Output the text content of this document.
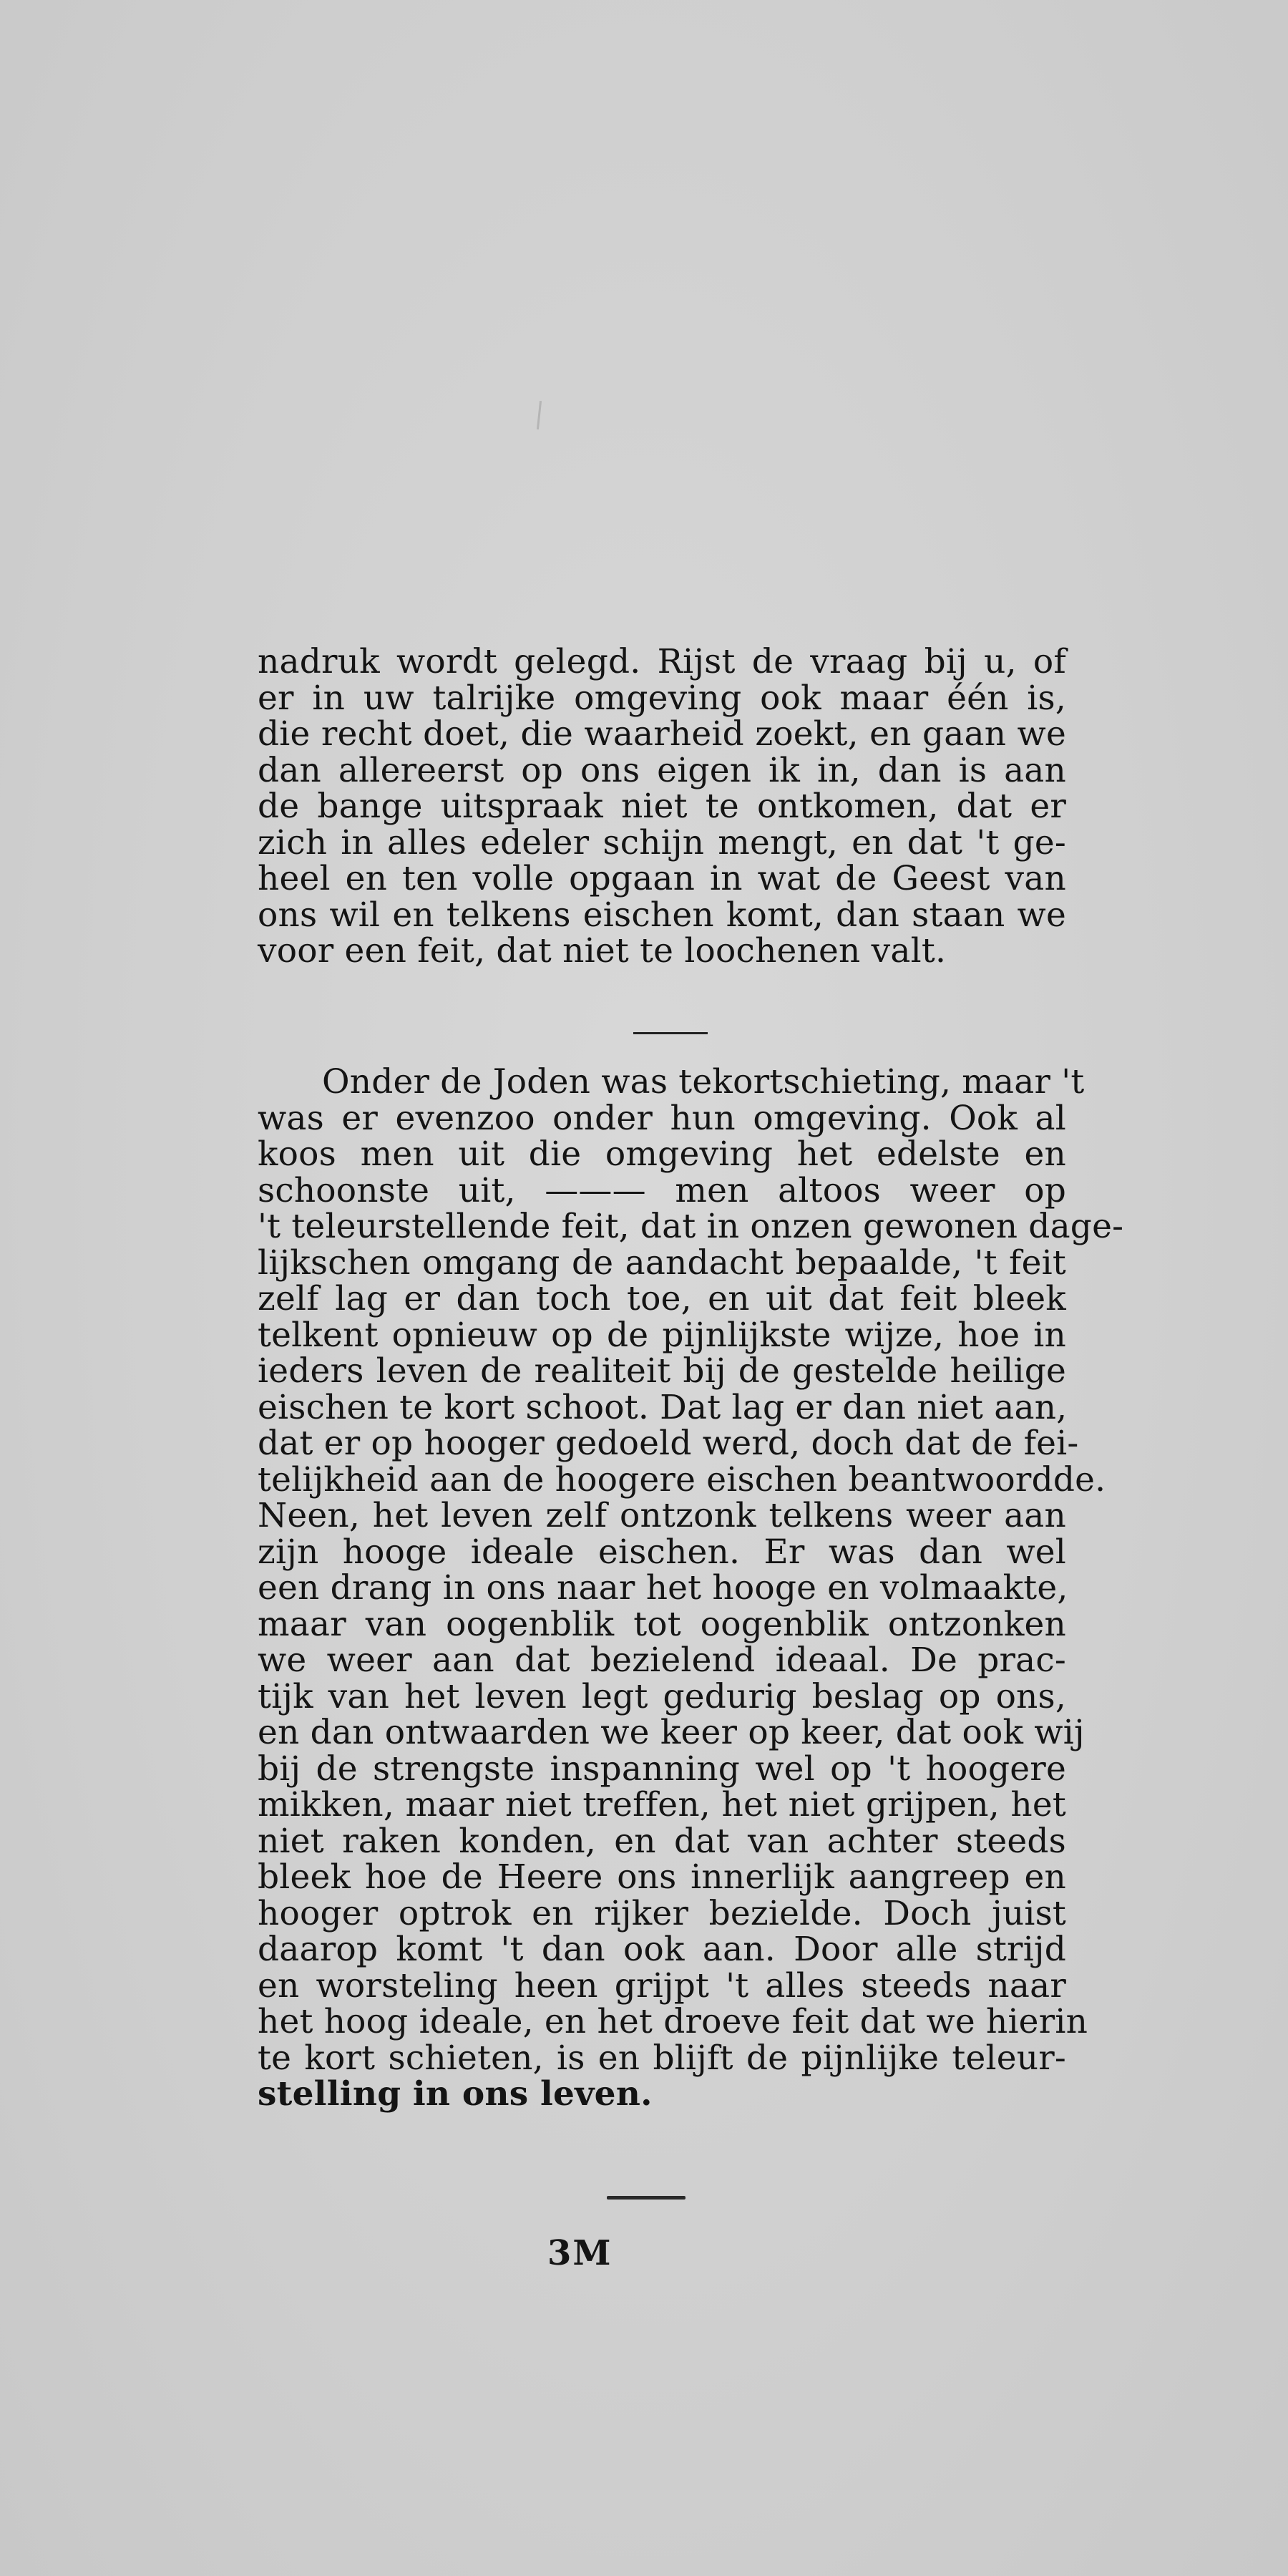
nadruk wordt gelegd. Rijst de vraag bij u, of
er in uw talrijke omgeving ook maar één is,
die recht doet, die waarheid zoekt, en gaan we
dan allereerst op ons eigen ik in, dan is aan
de bange uitspraak niet te ontkomen, dat er
zich in alles edeler schijn mengt, en dat 't ge-
heel en ten volle opgaan in wat de Geest van
ons wil en telkens eischen komt, dan staan we
voor een feit, dat niet te loochenen valt.
Onder de Joden was tekortschieting, maar 't
was er evenzoo onder hun omgeving. Ook al
koos men uit die omgeving het edelste en
schoonste uit, ——— men altoos weer op
't teleurstellende feit, dat in onzen gewonen dage-
lijkschen omgang de aandacht bepaalde, 't feit
zelf lag er dan toch toe, en uit dat feit bleek
telkent opnieuw op de pijnlijkste wijze, hoe in
ieders leven de realiteit bij de gestelde heilige
eischen te kort schoot. Dat lag er dan niet aan,
dat er op hooger gedoeld werd, doch dat de fei-
telijkheid aan de hoogere eischen beantwoordde.
Neen, het leven zelf ontzonk telkens weer aan
zijn hooge ideale eischen. Er was dan wel
een drang in ons naar het hooge en volmaakte,
maar van oogenblik tot oogenblik ontzonken
we weer aan dat bezielend ideaal. De prac-
tijk van het leven legt gedurig beslag op ons,
en dan ontwaarden we keer op keer, dat ook wij
bij de strengste inspanning wel op 't hoogere
mikken, maar niet treffen, het niet grijpen, het
niet raken konden, en dat van achter steeds
bleek hoe de Heere ons innerlijk aangreep en
hooger optrok en rijker bezielde. Doch juist
daarop komt 't dan ook aan. Door alle strijd
en worsteling heen grijpt 't alles steeds naar
het hoog ideale, en het droeve feit dat we hierin
te kort schieten, is en blijft de pijnlijke teleur-
stelling in ons leven.
3M
